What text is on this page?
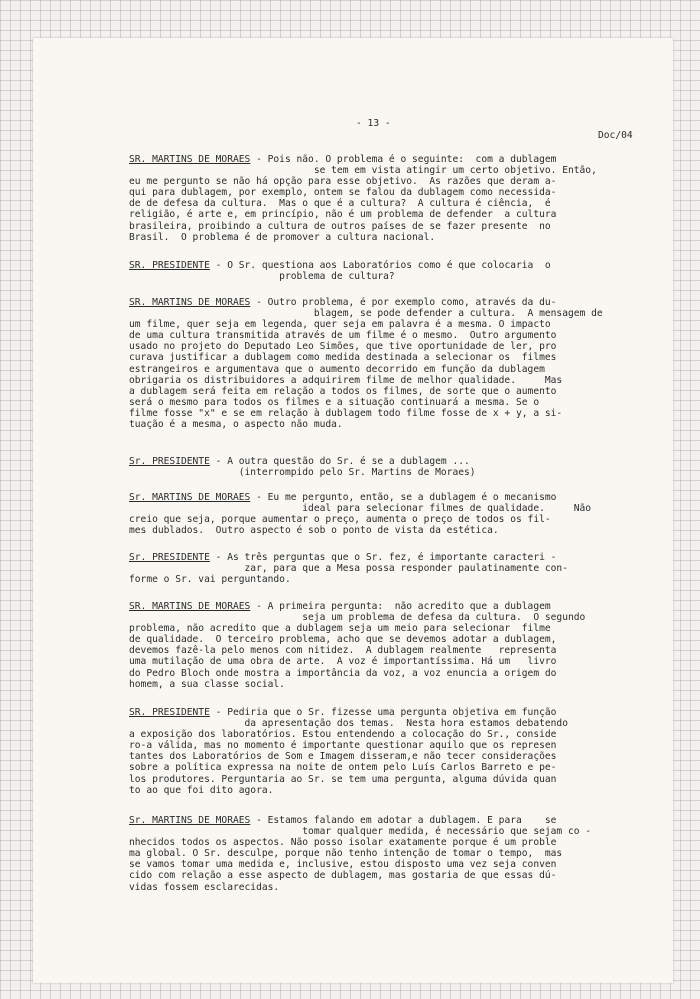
- 13 -
Doc/04
SR. MARTINS DE MORAES - Pois não. O problema é o seguinte:  com a dublagem
se tem em vista atingir um certo objetivo. Então,
eu me pergunto se não há opção para esse objetivo.  As razões que deram a-
qui para dublagem, por exemplo, ontem se falou da dublagem como necessida-
de de defesa da cultura.  Mas o que é a cultura?  A cultura é ciência,  é
religião, é arte e, em princípio, não é um problema de defender  a cultura
brasileira, proibindo a cultura de outros países de se fazer presente  no
Brasil.  O problema é de promover a cultura nacional.
SR. PRESIDENTE - O Sr. questiona aos Laboratórios como é que colocaria  o
problema de cultura?
SR. MARTINS DE MORAES - Outro problema, é por exemplo como, através da du-
blagem, se pode defender a cultura.  A mensagem de
um filme, quer seja em legenda, quer seja em palavra é a mesma. O impacto
de uma cultura transmitida através de um filme é o mesmo.  Outro argumento
usado no projeto do Deputado Leo Simões, que tive oportunidade de ler, pro
curava justificar a dublagem como medida destinada a selecionar os  filmes
estrangeiros e argumentava que o aumento decorrido em função da dublagem
obrigaria os distribuidores a adquirirem filme de melhor qualidade.     Mas
a dublagem será feita em relação a todos os filmes, de sorte que o aumento
será o mesmo para todos os filmes e a situação continuará a mesma. Se o
filme fosse "x" e se em relação à dublagem todo filme fosse de x + y, a si-
tuação é a mesma, o aspecto não muda.
Sr. PRESIDENTE - A outra questão do Sr. é se a dublagem ...
(interrompido pelo Sr. Martins de Moraes)
Sr. MARTINS DE MORAES - Eu me pergunto, então, se a dublagem é o mecanismo
ideal para selecionar filmes de qualidade.     Não
creio que seja, porque aumentar o preço, aumenta o preço de todos os fil-
mes dublados.  Outro aspecto é sob o ponto de vista da estética.
Sr. PRESIDENTE - As três perguntas que o Sr. fez, é importante caracteri -
zar, para que a Mesa possa responder paulatinamente con-
forme o Sr. vai perguntando.
SR. MARTINS DE MORAES - A primeira pergunta:  não acredito que a dublagem
seja um problema de defesa da cultura.  O segundo
problema, não acredito que a dublagem seja um meio para selecionar  filme
de qualidade.  O terceiro problema, acho que se devemos adotar a dublagem,
devemos fazê-la pelo menos com nitidez.  A dublagem realmente   representa
uma mutilação de uma obra de arte.  A voz é importantíssima. Há um   livro
do Pedro Bloch onde mostra a importância da voz, a voz enuncia a origem do
homem, a sua classe social.
SR. PRESIDENTE - Pediria que o Sr. fizesse uma pergunta objetiva em função
da apresentação dos temas.  Nesta hora estamos debatendo
a exposição dos laboratórios. Estou entendendo a colocação do Sr., conside
ro-a válida, mas no momento é importante questionar aquilo que os represen
tantes dos Laboratórios de Som e Imagem disseram,e não tecer considerações
sobre a política expressa na noite de ontem pelo Luís Carlos Barreto e pe-
los produtores. Perguntaria ao Sr. se tem uma pergunta, alguma dúvida quan
to ao que foi dito agora.
Sr. MARTINS DE MORAES - Estamos falando em adotar a dublagem. E para    se
tomar qualquer medida, é necessário que sejam co -
nhecidos todos os aspectos. Não posso isolar exatamente porque é um proble
ma global. O Sr. desculpe, porque não tenho intenção de tomar o tempo,  mas
se vamos tomar uma medida e, inclusive, estou disposto uma vez seja conven
cido com relação a esse aspecto de dublagem, mas gostaria de que essas dú-
vidas fossem esclarecidas.
